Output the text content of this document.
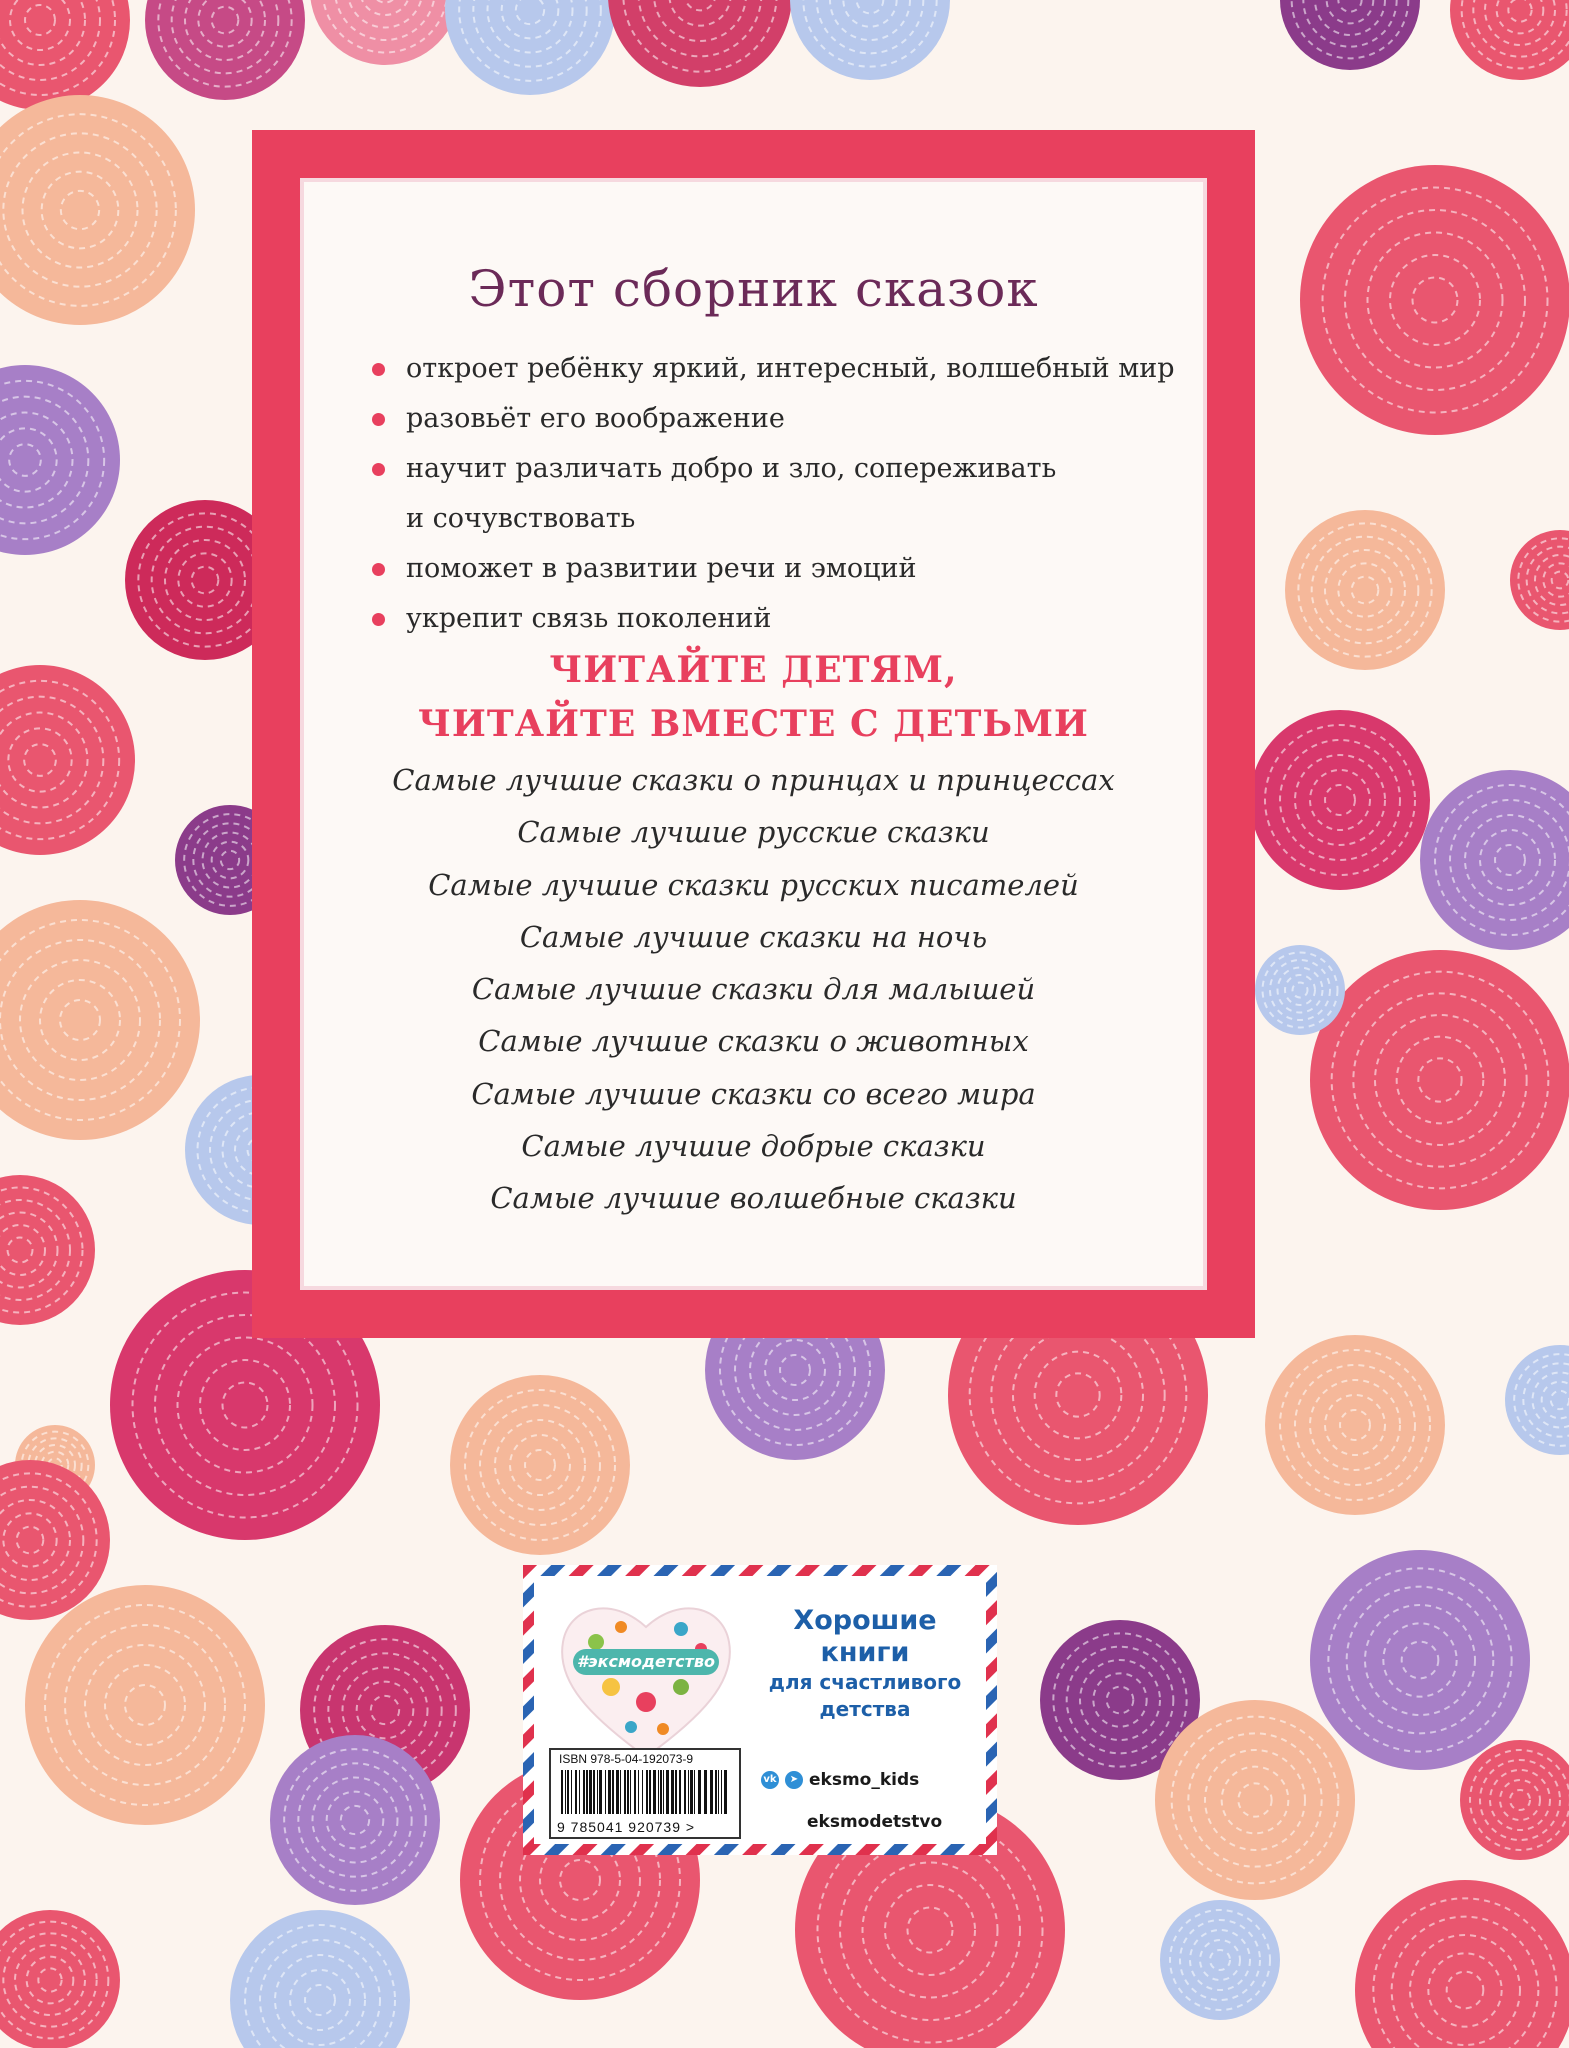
Этот сборник сказок
откроет ребёнку яркий, интересный, волшебный мир
разовьёт его воображение
научит различать добро и зло, сопереживать
и сочувствовать
поможет в развитии речи и эмоций
укрепит связь поколений
ЧИТАЙТЕ ДЕТЯМ,
ЧИТАЙТЕ ВМЕСТЕ С ДЕТЬМИ
Самые лучшие сказки о принцах и принцессах
Самые лучшие русские сказки
Самые лучшие сказки русских писателей
Самые лучшие сказки на ночь
Самые лучшие сказки для малышей
Самые лучшие сказки о животных
Самые лучшие сказки со всего мира
Самые лучшие добрые сказки
Самые лучшие волшебные сказки
#эксмодетство
Хорошие
книги
для счастливого
детства
ISBN 978-5-04-192073-9
9 785041 920739 >
vk	➤ eksmo_kids
eksmodetstvo
